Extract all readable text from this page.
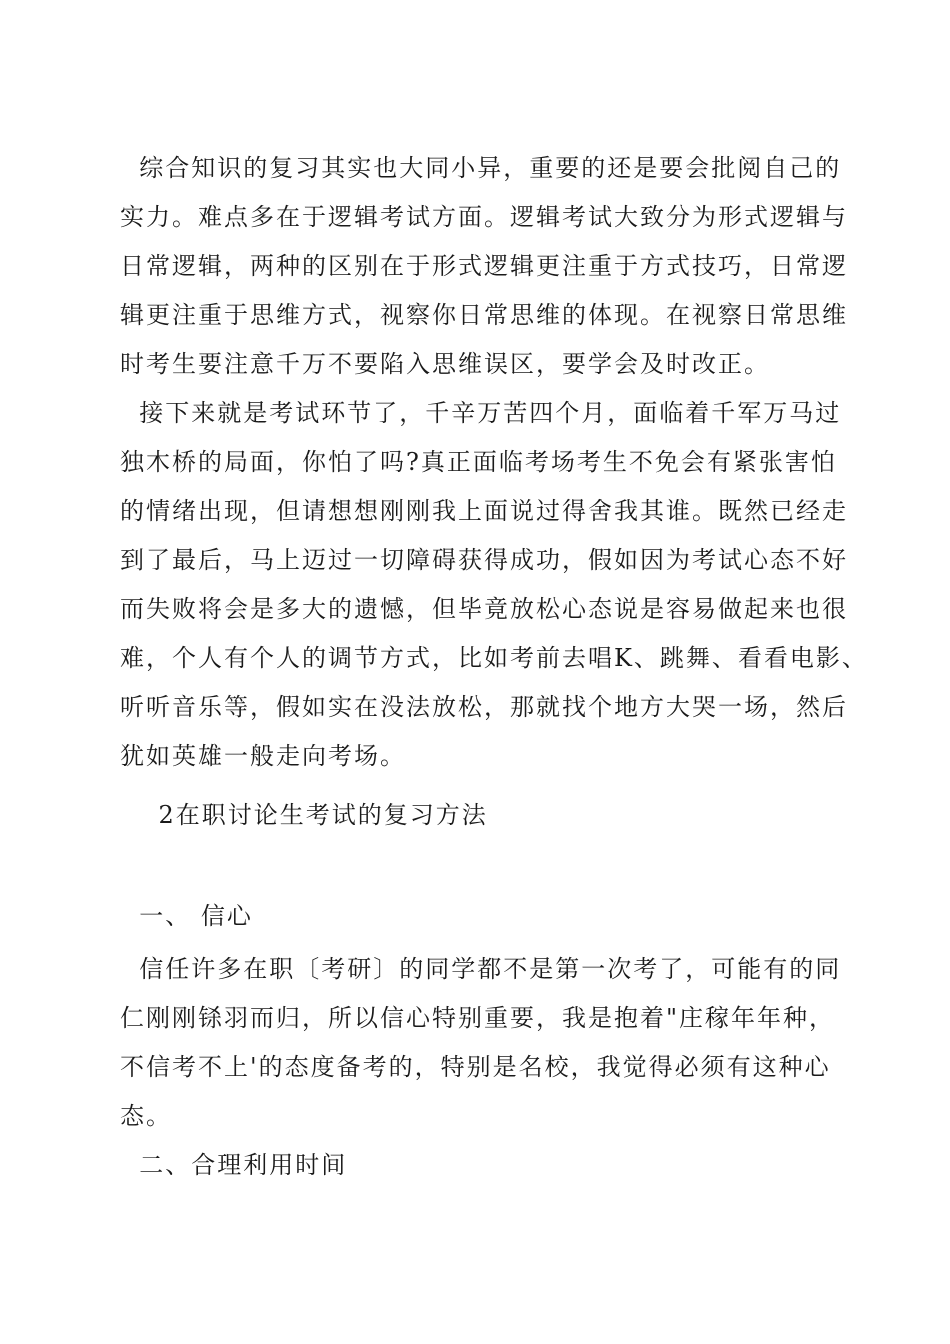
综合知识的复习其实也大同小异，重要的还是要会批阅自己的
实力。难点多在于逻辑考试方面。逻辑考试大致分为形式逻辑与
日常逻辑，两种的区别在于形式逻辑更注重于方式技巧，日常逻
辑更注重于思维方式，视察你日常思维的体现。在视察日常思维
时考生要注意千万不要陷入思维误区，要学会及时改正。
接下来就是考试环节了，千辛万苦四个月，面临着千军万马过
独木桥的局面，你怕了吗?真正面临考场考生不免会有紧张害怕
的情绪出现，但请想想刚刚我上面说过得舍我其谁。既然已经走
到了最后，马上迈过一切障碍获得成功，假如因为考试心态不好
而失败将会是多大的遗憾，但毕竟放松心态说是容易做起来也很
难，个人有个人的调节方式，比如考前去唱K、跳舞、看看电影、
听听音乐等，假如实在没法放松，那就找个地方大哭一场，然后
犹如英雄一般走向考场。
2在职讨论生考试的复习方法
一、 信心
信任许多在职〔考研〕的同学都不是第一次考了，可能有的同
仁刚刚铩羽而归，所以信心特别重要，我是抱着"庄稼年年种，
不信考不上'的态度备考的，特别是名校，我觉得必须有这种心
态。
二、合理利用时间
